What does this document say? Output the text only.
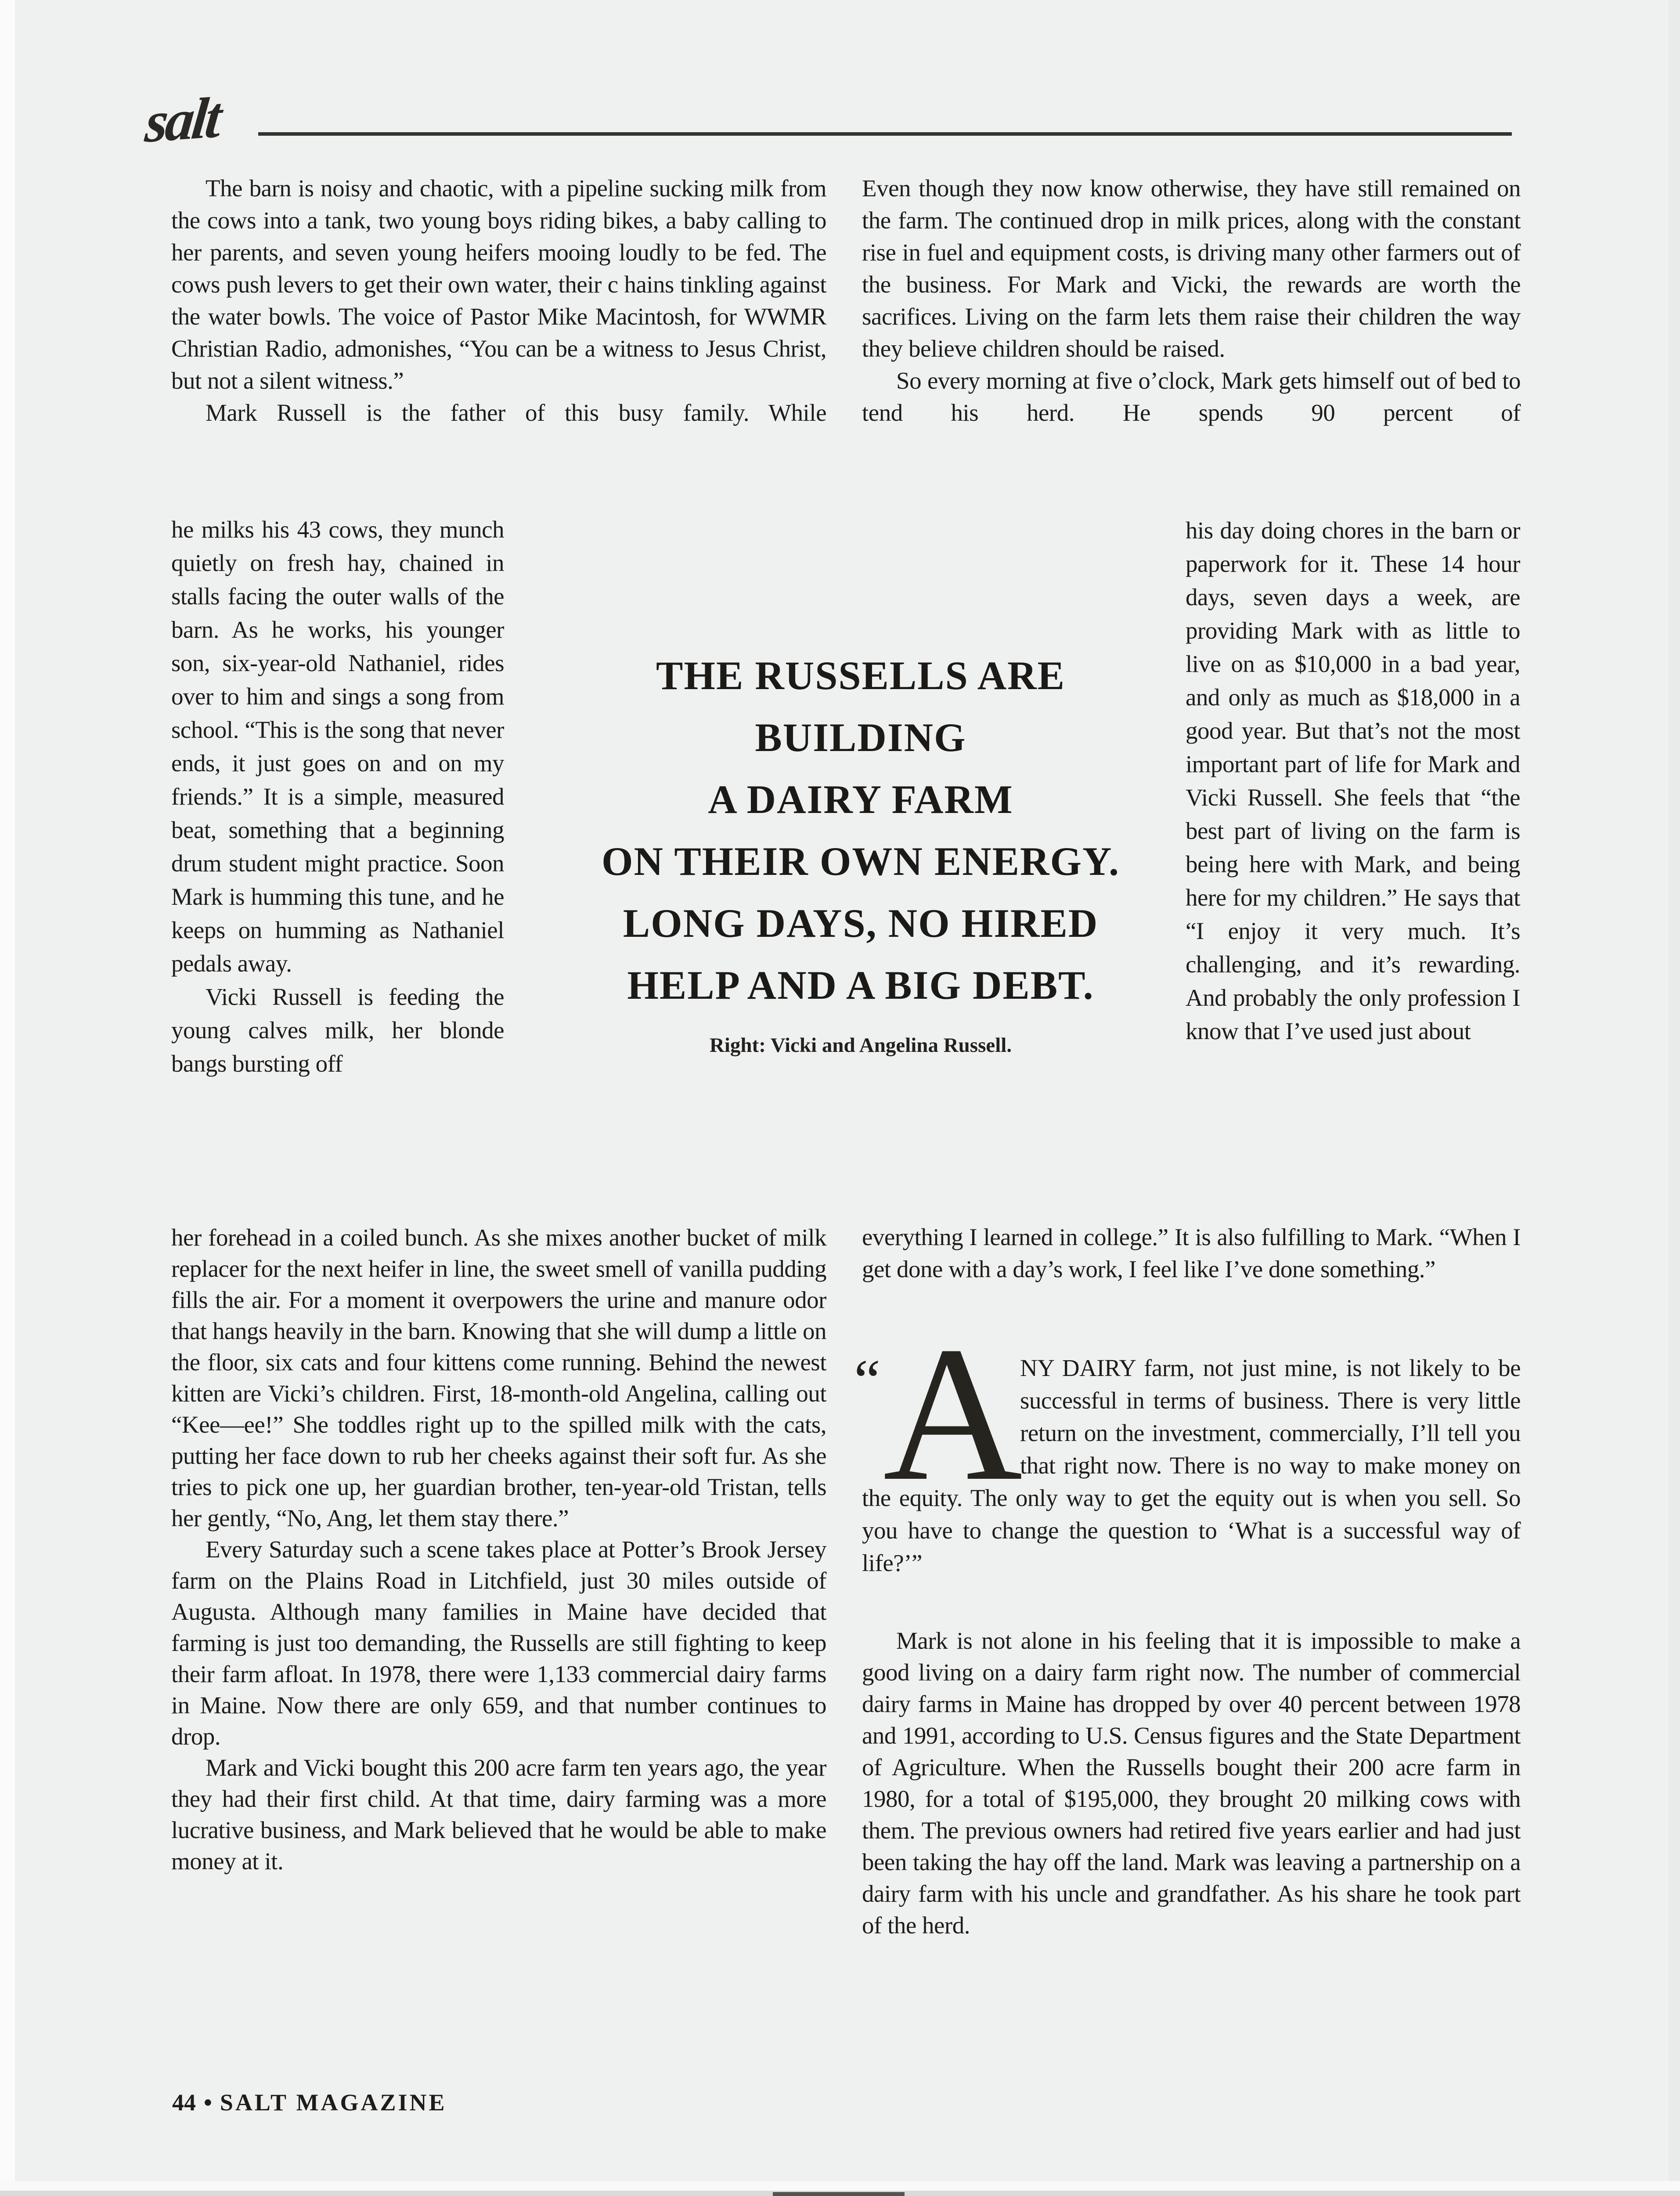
salt

The barn is noisy and chaotic, with a pipeline sucking milk from the cows into a tank, two young boys riding bikes, a baby calling to her parents, and seven young heifers mooing loudly to be fed. The cows push levers to get their own water, their c hains tinkling against the water bowls. The voice of Pastor Mike Macintosh, for WWMR Christian Radio, admonishes, “You can be a witness to Jesus Christ, but not a silent witness.”

Mark Russell is the father of this busy family. While

he milks his 43 cows, they munch quietly on fresh hay, chained in stalls facing the outer walls of the barn. As he works, his younger son, six-year-old Nathaniel, rides over to him and sings a song from school. “This is the song that never ends, it just goes on and on my friends.” It is a simple, measured beat, something that a beginning drum student might practice. Soon Mark is humming this tune, and he keeps on humming as Nathaniel pedals away.

Vicki Russell is feeding the young calves milk, her blonde bangs bursting off

her forehead in a coiled bunch. As she mixes another bucket of milk replacer for the next heifer in line, the sweet smell of vanilla pudding fills the air. For a moment it overpowers the urine and manure odor that hangs heavily in the barn. Knowing that she will dump a little on the floor, six cats and four kittens come running. Behind the newest kitten are Vicki’s children. First, 18-month-old Angelina, calling out “Kee—ee!” She toddles right up to the spilled milk with the cats, putting her face down to rub her cheeks against their soft fur. As she tries to pick one up, her guardian brother, ten-year-old Tristan, tells her gently, “No, Ang, let them stay there.”

Every Saturday such a scene takes place at Potter’s Brook Jersey farm on the Plains Road in Litchfield, just 30 miles outside of Augusta. Although many families in Maine have decided that farming is just too demanding, the Russells are still fighting to keep their farm afloat. In 1978, there were 1,133 commercial dairy farms in Maine. Now there are only 659, and that number continues to drop.

Mark and Vicki bought this 200 acre farm ten years ago, the year they had their first child. At that time, dairy farming was a more lucrative business, and Mark believed that he would be able to make money at it.

THE RUSSELLS ARE
BUILDING
A DAIRY FARM
ON THEIR OWN ENERGY.
LONG DAYS, NO HIRED
HELP AND A BIG DEBT.
Right: Vicki and Angelina Russell.

Even though they now know otherwise, they have still remained on the farm. The continued drop in milk prices, along with the constant rise in fuel and equipment costs, is driving many other farmers out of the business. For Mark and Vicki, the rewards are worth the sacrifices. Living on the farm lets them raise their children the way they believe children should be raised.

So every morning at five o’clock, Mark gets himself out of bed to tend his herd. He spends 90 percent of

his day doing chores in the barn or paperwork for it. These 14 hour days, seven days a week, are providing Mark with as little to live on as $10,000 in a bad year, and only as much as $18,000 in a good year. But that’s not the most important part of life for Mark and Vicki Russell. She feels that “the best part of living on the farm is being here with Mark, and being here for my children.” He says that “I enjoy it very much. It’s challenging, and it’s rewarding. And probably the only profession I know that I’ve used just about

everything I learned in college.” It is also fulfilling to Mark. “When I get done with a day’s work, I feel like I’ve done something.”

“ A
NY DAIRY farm, not just mine, is not likely to be successful in terms of business. There is very little return on the investment, commercially, I’ll tell you that right now. There is no way to make money on the equity. The only way to get the equity out is when you sell. So you have to change the question to ‘What is a successful way of life?’”

Mark is not alone in his feeling that it is impossible to make a good living on a dairy farm right now. The number of commercial dairy farms in Maine has dropped by over 40 percent between 1978 and 1991, according to U.S. Census figures and the State Department of Agriculture. When the Russells bought their 200 acre farm in 1980, for a total of $195,000, they brought 20 milking cows with them. The previous owners had retired five years earlier and had just been taking the hay off the land. Mark was leaving a partnership on a dairy farm with his uncle and grandfather. As his share he took part of the herd.

44 • SALT MAGAZINE
